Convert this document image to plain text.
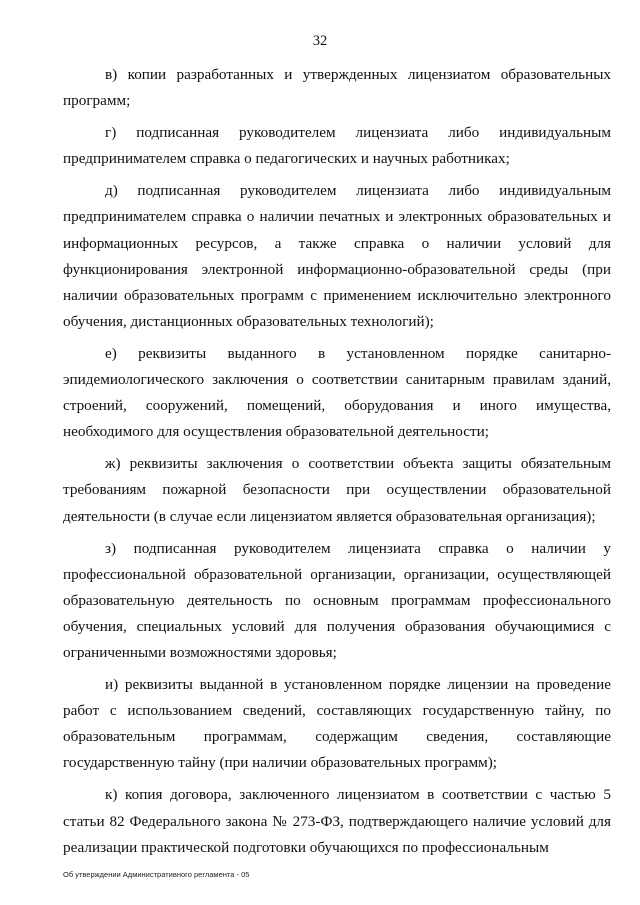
32

в) копии разработанных и утвержденных лицензиатом образовательных программ;

г) подписанная руководителем лицензиата либо индивидуальным предпринимателем справка о педагогических и научных работниках;

д) подписанная руководителем лицензиата либо индивидуальным предпринимателем справка о наличии печатных и электронных образовательных и информационных ресурсов, а также справка о наличии условий для функционирования электронной информационно-образовательной среды (при наличии образовательных программ с применением исключительно электронного обучения, дистанционных образовательных технологий);

е) реквизиты выданного в установленном порядке санитарно-эпидемиологического заключения о соответствии санитарным правилам зданий, строений, сооружений, помещений, оборудования и иного имущества, необходимого для осуществления образовательной деятельности;

ж) реквизиты заключения о соответствии объекта защиты обязательным требованиям пожарной безопасности при осуществлении образовательной деятельности (в случае если лицензиатом является образовательная организация);

з) подписанная руководителем лицензиата справка о наличии у профессиональной образовательной организации, организации, осуществляющей образовательную деятельность по основным программам профессионального обучения, специальных условий для получения образования обучающимися с ограниченными возможностями здоровья;

и) реквизиты выданной в установленном порядке лицензии на проведение работ с использованием сведений, составляющих государственную тайну, по образовательным программам, содержащим сведения, составляющие государственную тайну (при наличии образовательных программ);

к) копия договора, заключенного лицензиатом в соответствии с частью 5 статьи 82 Федерального закона № 273-ФЗ, подтверждающего наличие условий для реализации практической подготовки обучающихся по профессиональным

Об утверждении Административного регламента - 05
